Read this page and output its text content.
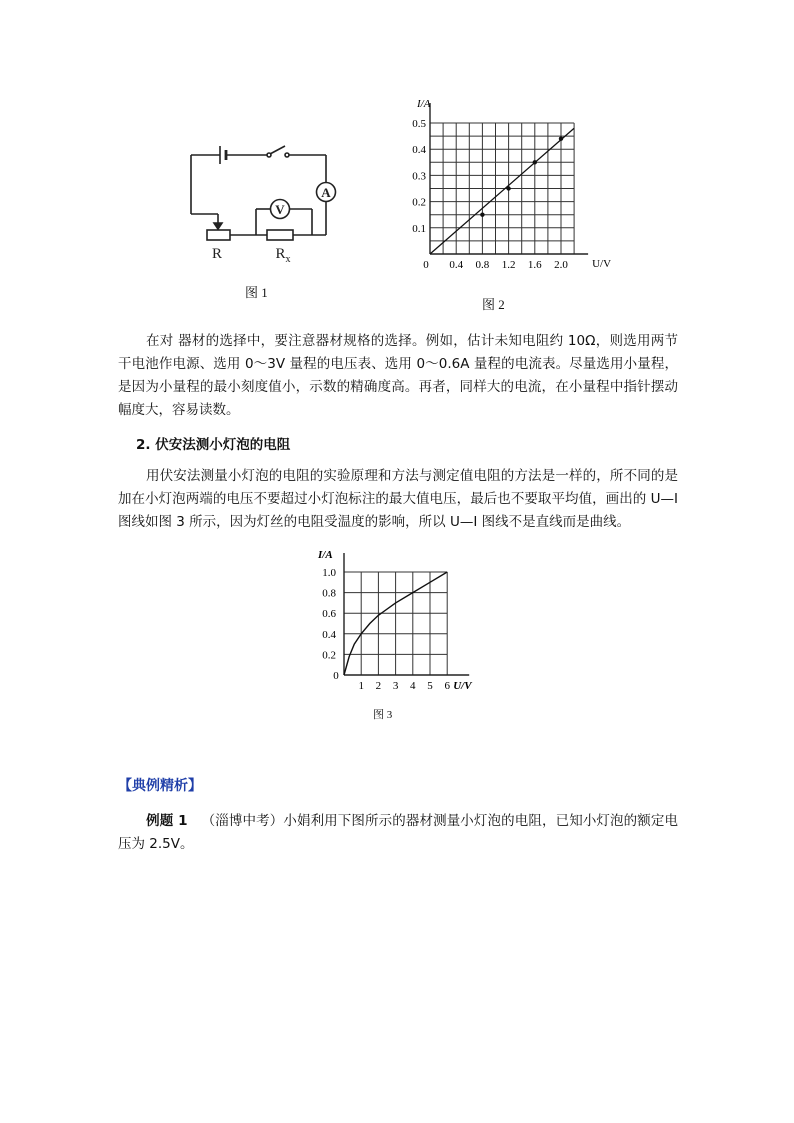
A
V
R	$R_x$
图 1
I/A
U/V
0 0.4 0.8 1.2 1.6 2.0
0.1
0.2
0.3
0.4
0.5
图 2
在对 器材的选择中，要注意器材规格的选择。例如，估计未知电阻约 10Ω，则选用两节干电池作电源、选用 0～3V 量程的电压表、选用 0～0.6A 量程的电流表。尽量选用小量程，是因为小量程的最小刻度值小，示数的精确度高。再者，同样大的电流，在小量程中指针摆动幅度大，容易读数。
2. 伏安法测小灯泡的电阻
用伏安法测量小灯泡的电阻的实验原理和方法与测定值电阻的方法是一样的，所不同的是加在小灯泡两端的电压不要超过小灯泡标注的最大值电压，最后也不要取平均值，画出的 U—I 图线如图 3 所示，因为灯丝的电阻受温度的影响，所以 U—I 图线不是直线而是曲线。
I/A
U/V
0
1 2 3 4 5 6
0.2
0.4
0.6
0.8
1.0
图 3
【典例精析】
例题 1 （淄博中考）小娟利用下图所示的器材测量小灯泡的电阻，已知小灯泡的额定电压为 2.5V。
